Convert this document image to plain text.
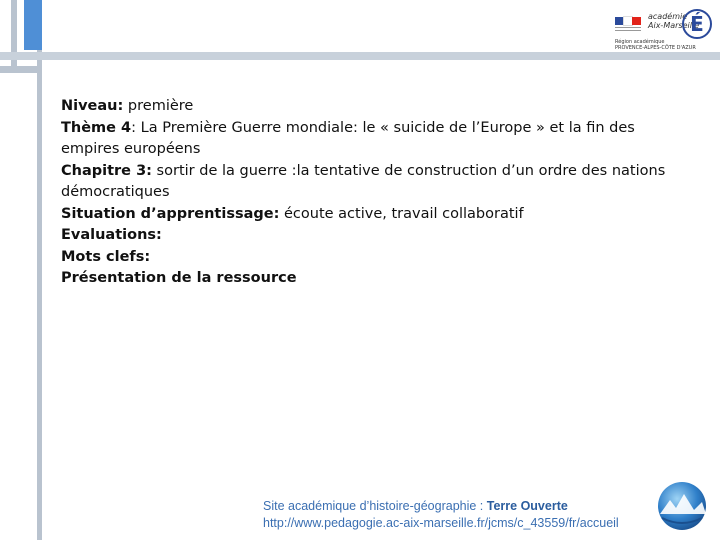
académie
Aix-Marseille
Région académique
PROVENCE-ALPES-CÔTE D'AZUR
É

Niveau: première

Thème 4: La Première Guerre mondiale: le « suicide de l’Europe » et la fin des empires européens

Chapitre 3: sortir de la guerre :la tentative de construction d’un ordre des nations démocratiques

Situation d’apprentissage: écoute active, travail collaboratif

Evaluations:

Mots clefs:

Présentation de la ressource

Site académique d’histoire-géographie : Terre Ouverte
http://www.pedagogie.ac-aix-marseille.fr/jcms/c_43559/fr/accueil
